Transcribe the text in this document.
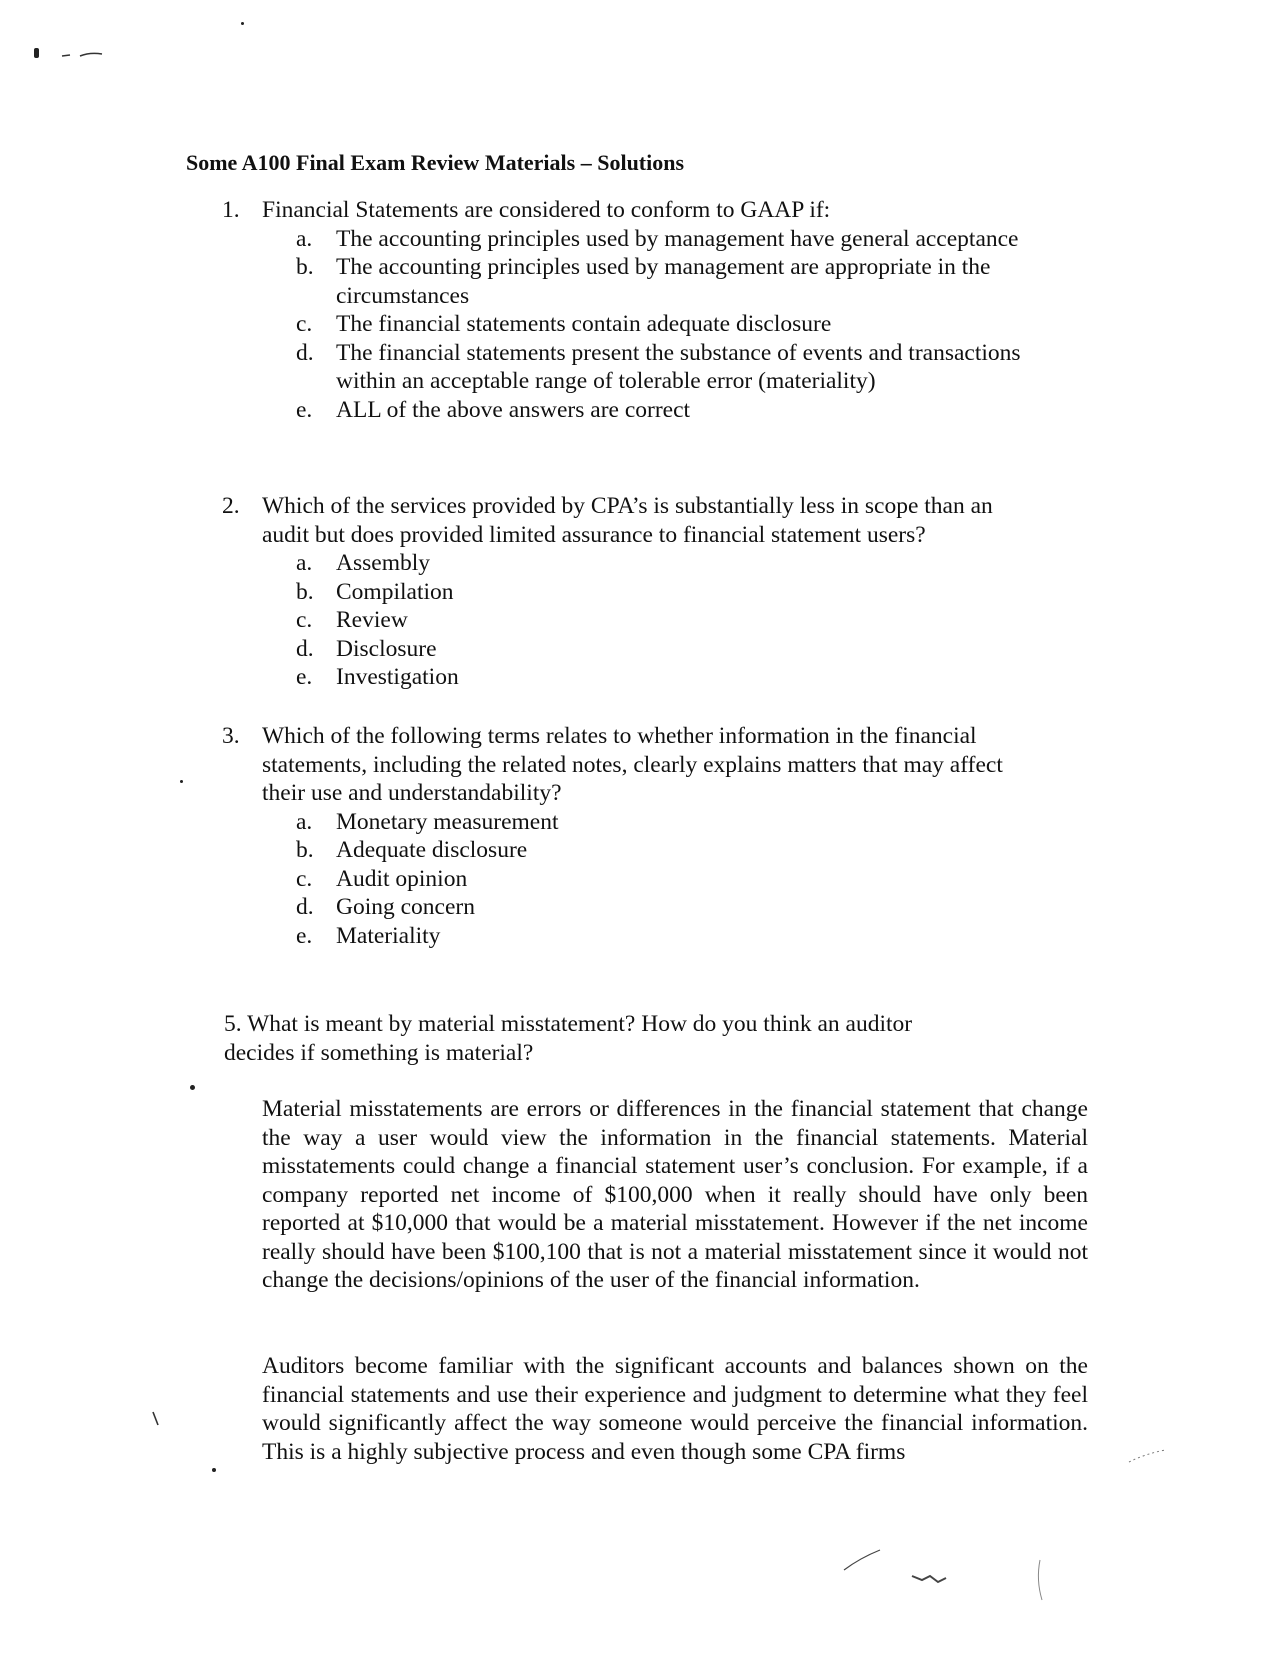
Some A100 Final Exam Review Materials – Solutions
1. Financial Statements are considered to conform to GAAP if:
a.	The accounting principles used by management have general acceptance
b. The accounting principles used by management are appropriate in the circumstances
c.	The financial statements contain adequate disclosure
d. The financial statements present the substance of events and transactions within an acceptable range of tolerable error (materiality)
e.	ALL of the above answers are correct
2. Which of the services provided by CPA’s is substantially less in scope than an audit but does provided limited assurance to financial statement users?
a.	Assembly
b. Compilation
c.	Review
d. Disclosure
e.	Investigation
3. Which of the following terms relates to whether information in the financial statements, including the related notes, clearly explains matters that may affect their use and understandability?
a.	Monetary measurement
b. Adequate disclosure
c.	Audit opinion
d. Going concern
e.	Materiality
5. What is meant by material misstatement? How do you think an auditor decides if something is material?
Material misstatements are errors or differences in the financial statement that change the way a user would view the information in the financial statements. Material misstatements could change a financial statement user’s conclusion. For example, if a company reported net income of $100,000 when it really should have only been reported at $10,000 that would be a material misstatement. However if the net income really should have been $100,100 that is not a material misstatement since it would not change the decisions/opinions of the user of the financial information.
Auditors become familiar with the significant accounts and balances shown on the financial statements and use their experience and judgment to determine what they feel would significantly affect the way someone would perceive the financial information. This is a highly subjective process and even though some CPA firms
